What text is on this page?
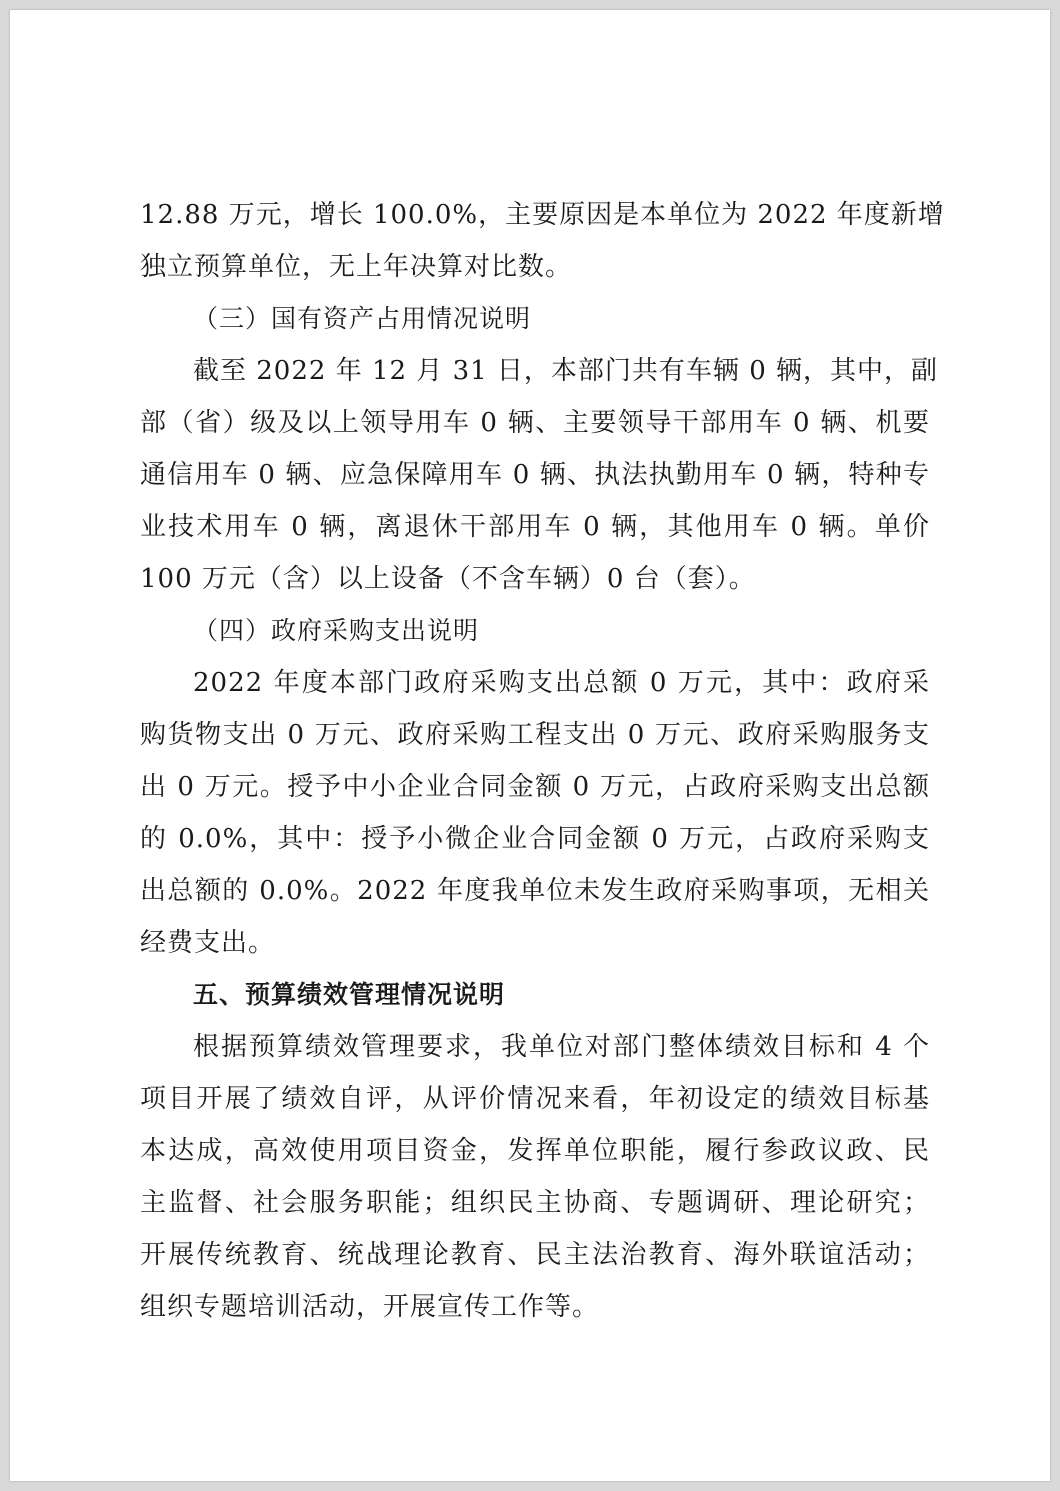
12.88 万元，增长 100.0%，主要原因是本单位为 2022 年度新增
独立预算单位，无上年决算对比数。
（三）国有资产占用情况说明
截至 2022 年 12 月 31 日，本部门共有车辆 0 辆，其中，副
部（省）级及以上领导用车 0 辆、主要领导干部用车 0 辆、机要
通信用车 0 辆、应急保障用车 0 辆、执法执勤用车 0 辆，特种专
业技术用车 0 辆，离退休干部用车 0 辆，其他用车 0 辆。单价
100 万元（含）以上设备（不含车辆）0 台（套）。
（四）政府采购支出说明
2022 年度本部门政府采购支出总额 0 万元，其中：政府采
购货物支出 0 万元、政府采购工程支出 0 万元、政府采购服务支
出 0 万元。授予中小企业合同金额 0 万元，占政府采购支出总额
的 0.0%，其中：授予小微企业合同金额 0 万元，占政府采购支
出总额的 0.0%。2022 年度我单位未发生政府采购事项，无相关
经费支出。
五、预算绩效管理情况说明
根据预算绩效管理要求，我单位对部门整体绩效目标和 4 个
项目开展了绩效自评，从评价情况来看，年初设定的绩效目标基
本达成，高效使用项目资金，发挥单位职能，履行参政议政、民
主监督、社会服务职能；组织民主协商、专题调研、理论研究；
开展传统教育、统战理论教育、民主法治教育、海外联谊活动；
组织专题培训活动，开展宣传工作等。
